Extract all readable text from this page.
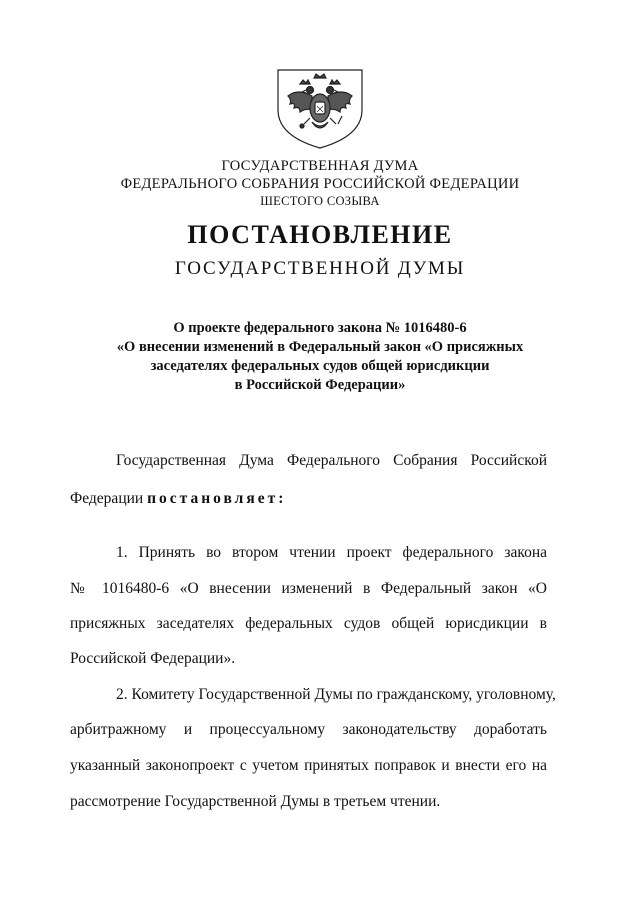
ГОСУДАРСТВЕННАЯ ДУМА
ФЕДЕРАЛЬНОГО СОБРАНИЯ РОССИЙСКОЙ ФЕДЕРАЦИИ
ШЕСТОГО СОЗЫВА
ПОСТАНОВЛЕНИЕ
ГОСУДАРСТВЕННОЙ ДУМЫ
О проекте федерального закона № 1016480-6
«О внесении изменений в Федеральный закон «О присяжных
заседателях федеральных судов общей юрисдикции
в Российской Федерации»
Государственная Дума Федерального Собрания Российской
Федерации постановляет:
1. Принять во втором чтении проект федерального закона
№ 1016480-6 «О внесении изменений в Федеральный закон «О
присяжных заседателях федеральных судов общей юрисдикции в
Российской Федерации».
2. Комитету Государственной Думы по гражданскому, уголовному,
арбитражному и процессуальному законодательству доработать
указанный законопроект с учетом принятых поправок и внести его на
рассмотрение Государственной Думы в третьем чтении.
